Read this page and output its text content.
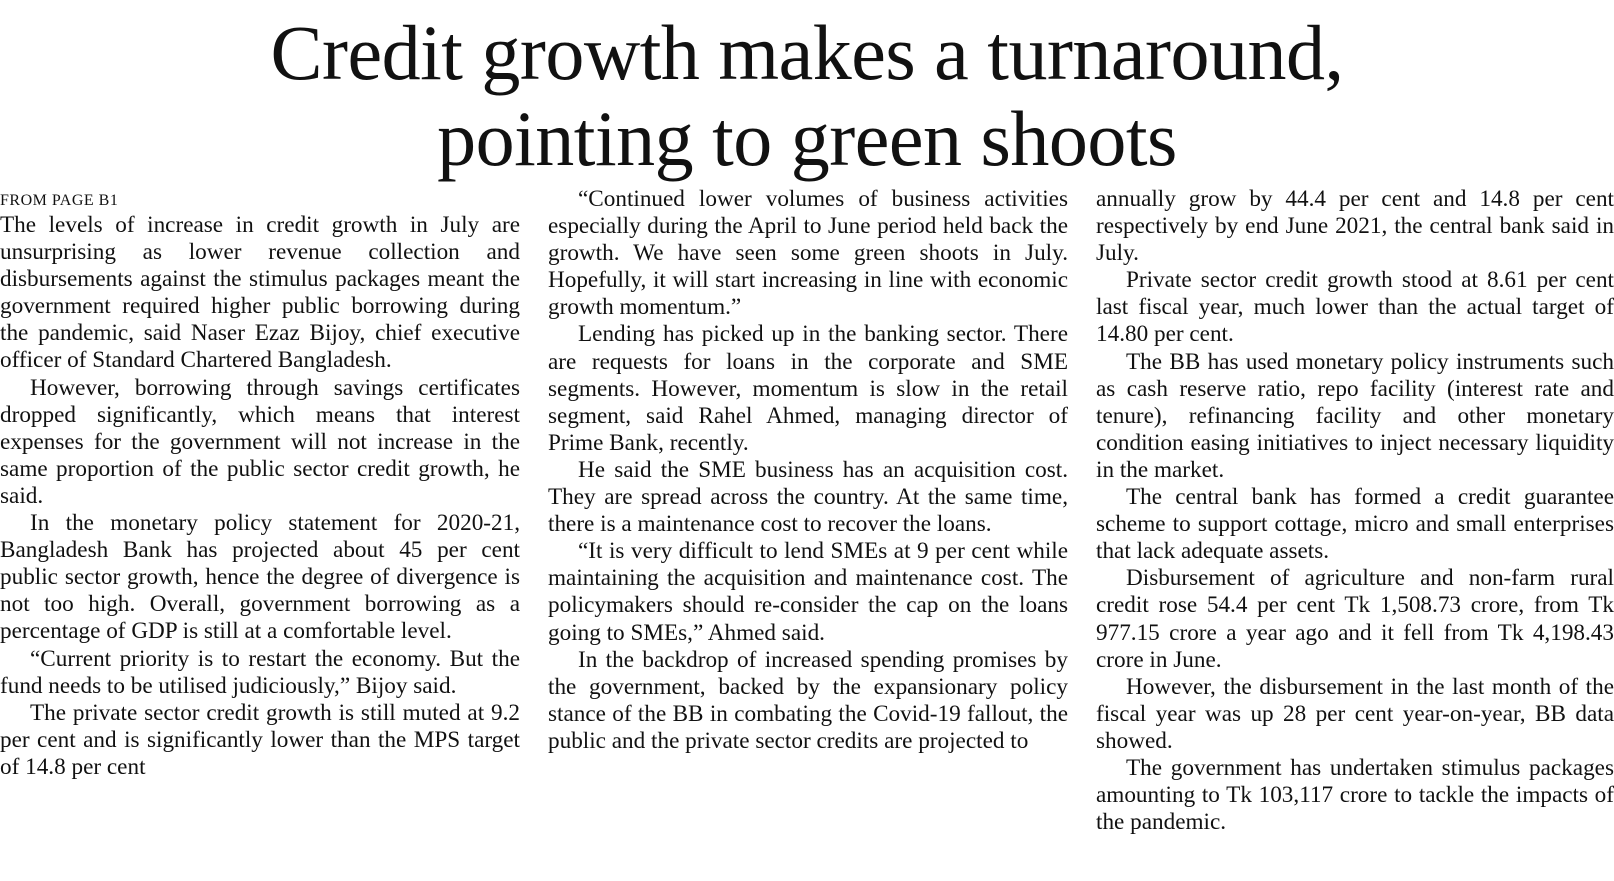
Credit growth makes a turnaround,
pointing to green shoots
FROM PAGE B1

The levels of increase in credit growth in July are unsurprising as lower revenue collection and disbursements against the stimulus packages meant the government required higher public borrowing during the pandemic, said Naser Ezaz Bijoy, chief executive officer of Standard Chartered Bangladesh.

However, borrowing through savings certificates dropped significantly, which means that interest expenses for the government will not increase in the same proportion of the public sector credit growth, he said.

In the monetary policy statement for 2020-21, Bangladesh Bank has projected about 45 per cent public sector growth, hence the degree of divergence is not too high. Overall, government borrowing as a percentage of GDP is still at a comfortable level.

“Current priority is to restart the economy. But the fund needs to be utilised judiciously,” Bijoy said.

The private sector credit growth is still muted at 9.2 per cent and is significantly lower than the MPS target of 14.8 per cent

“Continued lower volumes of business activities especially during the April to June period held back the growth. We have seen some green shoots in July. Hopefully, it will start increasing in line with economic growth momentum.”

Lending has picked up in the banking sector. There are requests for loans in the corporate and SME segments. However, momentum is slow in the retail segment, said Rahel Ahmed, managing director of Prime Bank, recently.

He said the SME business has an acquisition cost. They are spread across the country. At the same time, there is a maintenance cost to recover the loans.

“It is very difficult to lend SMEs at 9 per cent while maintaining the acquisition and maintenance cost. The policymakers should re-consider the cap on the loans going to SMEs,” Ahmed said.

In the backdrop of increased spending promises by the government, backed by the expansionary policy stance of the BB in combating the Covid-19 fallout, the public and the private sector credits are projected to

annually grow by 44.4 per cent and 14.8 per cent respectively by end June 2021, the central bank said in July.

Private sector credit growth stood at 8.61 per cent last fiscal year, much lower than the actual target of 14.80 per cent.

The BB has used monetary policy instruments such as cash reserve ratio, repo facility (interest rate and tenure), refinancing facility and other monetary condition easing initiatives to inject necessary liquidity in the market.

The central bank has formed a credit guarantee scheme to support cottage, micro and small enterprises that lack adequate assets.

Disbursement of agriculture and non-farm rural credit rose 54.4 per cent Tk 1,508.73 crore, from Tk 977.15 crore a year ago and it fell from Tk 4,198.43 crore in June.

However, the disbursement in the last month of the fiscal year was up 28 per cent year-on-year, BB data showed.

The government has undertaken stimulus packages amounting to Tk 103,117 crore to tackle the impacts of the pandemic.
